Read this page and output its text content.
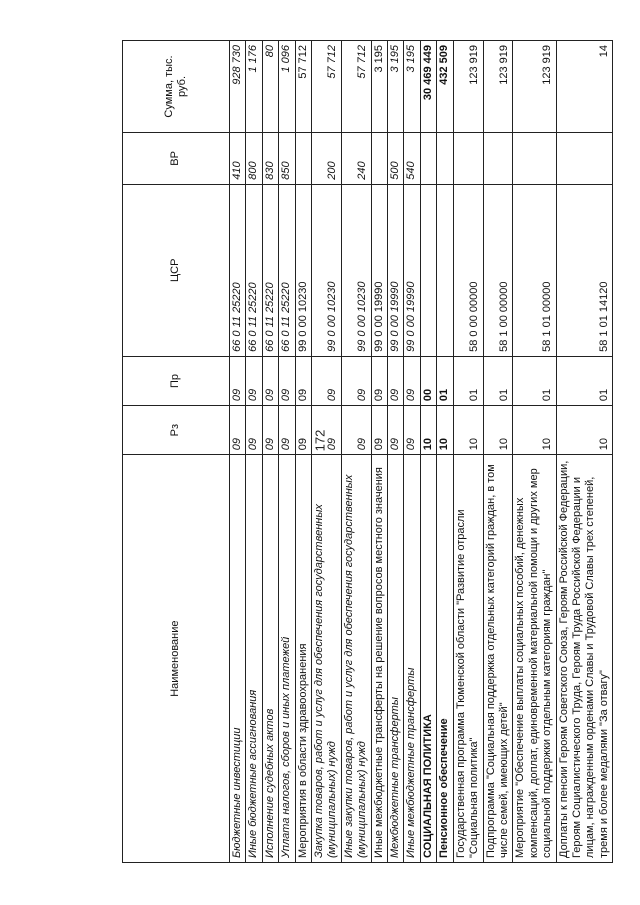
172
Наименование	Рз	Пр	ЦСР	ВР	Сумма, тыс. руб.
Бюджетные инвестиции	09	09	66 0 11 25220	410	928 730
Иные бюджетные ассигнования	09	09	66 0 11 25220	800	1 176
Исполнение судебных актов	09	09	66 0 11 25220	830	80
Уплата налогов, сборов и иных платежей	09	09	66 0 11 25220	850	1 096
Мероприятия в области здравоохранения	09	09	99 0 00 10230		57 712
Закупка товаров, работ и услуг для обеспечения государственных (муниципальных) нужд	09	09	99 0 00 10230	200	57 712
Иные закупки товаров, работ и услуг для обеспечения государственных (муниципальных) нужд	09	09	99 0 00 10230	240	57 712
Иные межбюджетные трансферты на решение вопросов местного значения	09	09	99 0 00 19990		3 195
Межбюджетные трансферты	09	09	99 0 00 19990	500	3 195
Иные межбюджетные трансферты	09	09	99 0 00 19990	540	3 195
СОЦИАЛЬНАЯ ПОЛИТИКА	10	00			30 469 449
Пенсионное обеспечение	10	01			432 509
Государственная программа Тюменской области "Развитие отрасли "Социальная политика"	10	01	58 0 00 00000		123 919
Подпрограмма "Социальная поддержка отдельных категорий граждан, в том числе семей, имеющих детей"	10	01	58 1 00 00000		123 919
Мероприятие "Обеспечение выплаты социальных пособий, денежных компенсаций, доплат, единовременной материальной помощи и других мер социальной поддержки отдельным категориям граждан"	10	01	58 1 01 00000		123 919
Доплаты к пенсии Героям Советского Союза, Героям Российской Федерации, Героям Социалистического Труда, Героям Труда Российской Федерации и лицам, награжденным орденами Славы и Трудовой Славы трех степеней, тремя и более медалями "За отвагу"	10	01	58 1 01 14120		14
